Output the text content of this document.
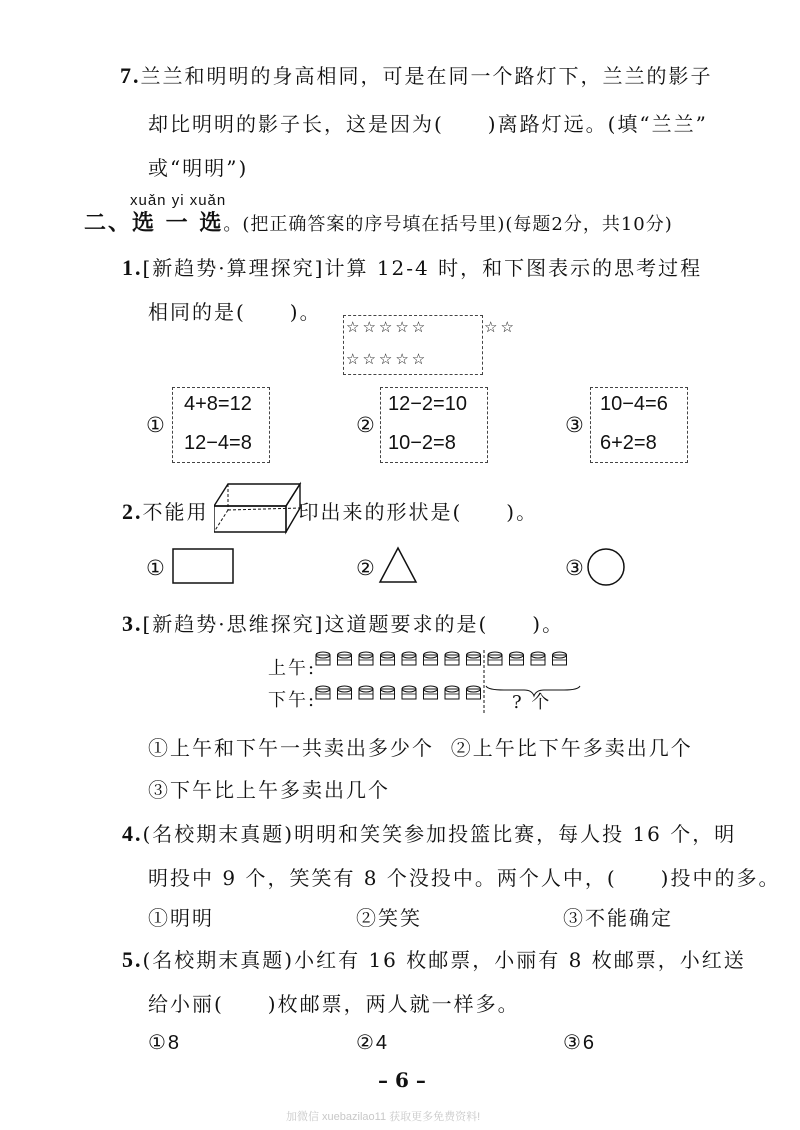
7.兰兰和明明的身高相同，可是在同一个路灯下，兰兰的影子
却比明明的影子长，这是因为(　　)离路灯远。(填“兰兰”
或“明明”)
xuǎn yi xuǎn
二、选 一 选。(把正确答案的序号填在括号里)(每题2分，共10分)
1.[新趋势·算理探究]计算 12-4 时，和下图表示的思考过程
相同的是(　　)。
☆☆☆☆☆	☆☆
☆☆☆☆☆
①
4+8=12
12−4=8
②
12−2=10
10−2=8
③
10−4=6
6+2=8
2.不能用	印出来的形状是(　　)。
①	②	③
3.[新趋势·思维探究]这道题要求的是(　　)。
上午:
下午:	? 个
①上午和下午一共卖出多少个 ②上午比下午多卖出几个
③下午比上午多卖出几个
4.(名校期末真题)明明和笑笑参加投篮比赛，每人投 16 个，明
明投中 9 个，笑笑有 8 个没投中。两个人中，(　　)投中的多。
①明明	②笑笑	③不能确定
5.(名校期末真题)小红有 16 枚邮票，小丽有 8 枚邮票，小红送
给小丽(　　)枚邮票，两人就一样多。
①8	②4	③6
– 6 –
加微信 xuebazilao11 获取更多免费资料!
